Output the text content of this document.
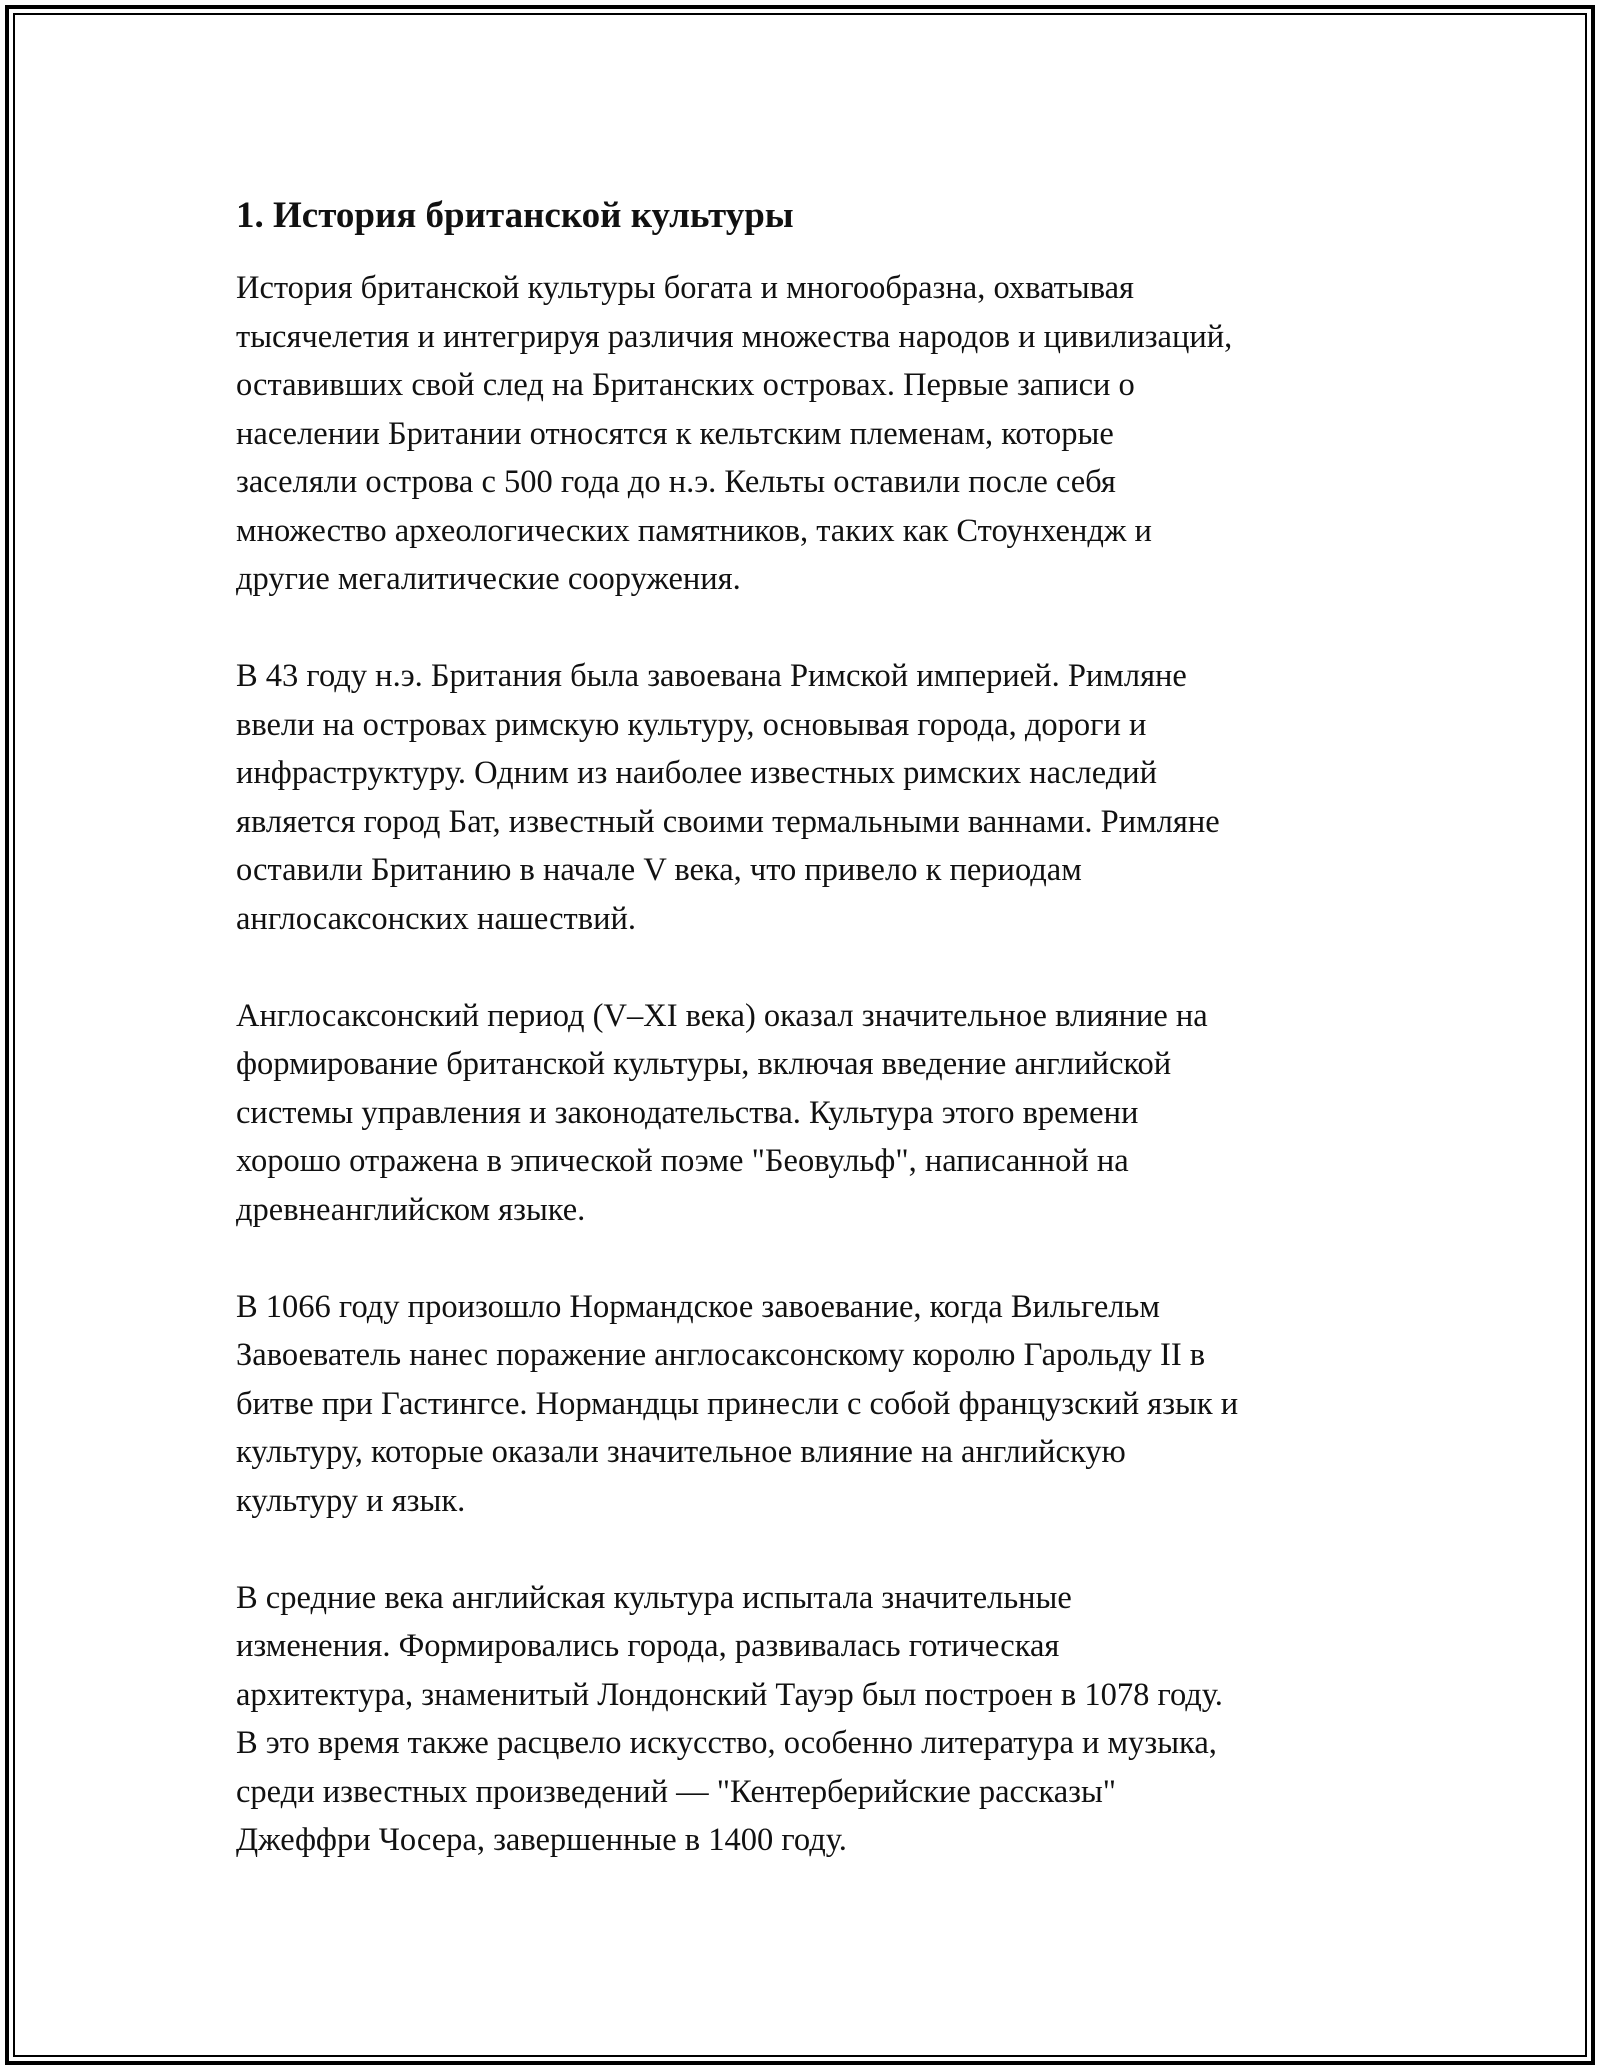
1. История британской культуры

История британской культуры богата и многообразна, охватывая
тысячелетия и интегрируя различия множества народов и цивилизаций,
оставивших свой след на Британских островах. Первые записи о
населении Британии относятся к кельтским племенам, которые
заселяли острова с 500 года до н.э. Кельты оставили после себя
множество археологических памятников, таких как Стоунхендж и
другие мегалитические сооружения.

В 43 году н.э. Британия была завоевана Римской империей. Римляне
ввели на островах римскую культуру, основывая города, дороги и
инфраструктуру. Одним из наиболее известных римских наследий
является город Бат, известный своими термальными ваннами. Римляне
оставили Британию в начале V века, что привело к периодам
англосаксонских нашествий.

Англосаксонский период (V–XI века) оказал значительное влияние на
формирование британской культуры, включая введение английской
системы управления и законодательства. Культура этого времени
хорошо отражена в эпической поэме "Беовульф", написанной на
древнеанглийском языке.

В 1066 году произошло Нормандское завоевание, когда Вильгельм
Завоеватель нанес поражение англосаксонскому королю Гарольду II в
битве при Гастингсе. Нормандцы принесли с собой французский язык и
культуру, которые оказали значительное влияние на английскую
культуру и язык.

В средние века английская культура испытала значительные
изменения. Формировались города, развивалась готическая
архитектура, знаменитый Лондонский Тауэр был построен в 1078 году.
В это время также расцвело искусство, особенно литература и музыка,
среди известных произведений — "Кентерберийские рассказы"
Джеффри Чосера, завершенные в 1400 году.
